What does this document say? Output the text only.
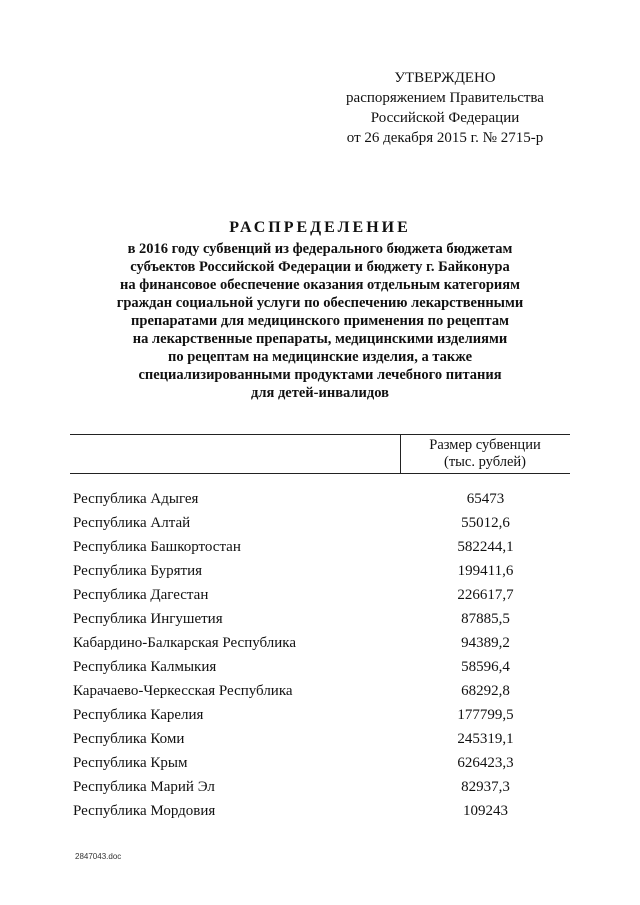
УТВЕРЖДЕНО
распоряжением Правительства
Российской Федерации
от 26 декабря 2015 г. № 2715-р
РАСПРЕДЕЛЕНИЕ
в 2016 году субвенций из федерального бюджета бюджетам
субъектов Российской Федерации и бюджету г. Байконура
на финансовое обеспечение оказания отдельным категориям
граждан социальной услуги по обеспечению лекарственными
препаратами для медицинского применения по рецептам
на лекарственные препараты, медицинскими изделиями
по рецептам на медицинские изделия, а также
специализированными продуктами лечебного питания
для детей-инвалидов
Размер субвенции
(тыс. рублей)
Республика Адыгея	65473
Республика Алтай	55012,6
Республика Башкортостан	582244,1
Республика Бурятия	199411,6
Республика Дагестан	226617,7
Республика Ингушетия	87885,5
Кабардино-Балкарская Республика	94389,2
Республика Калмыкия	58596,4
Карачаево-Черкесская Республика	68292,8
Республика Карелия	177799,5
Республика Коми	245319,1
Республика Крым	626423,3
Республика Марий Эл	82937,3
Республика Мордовия	109243
2847043.doc
